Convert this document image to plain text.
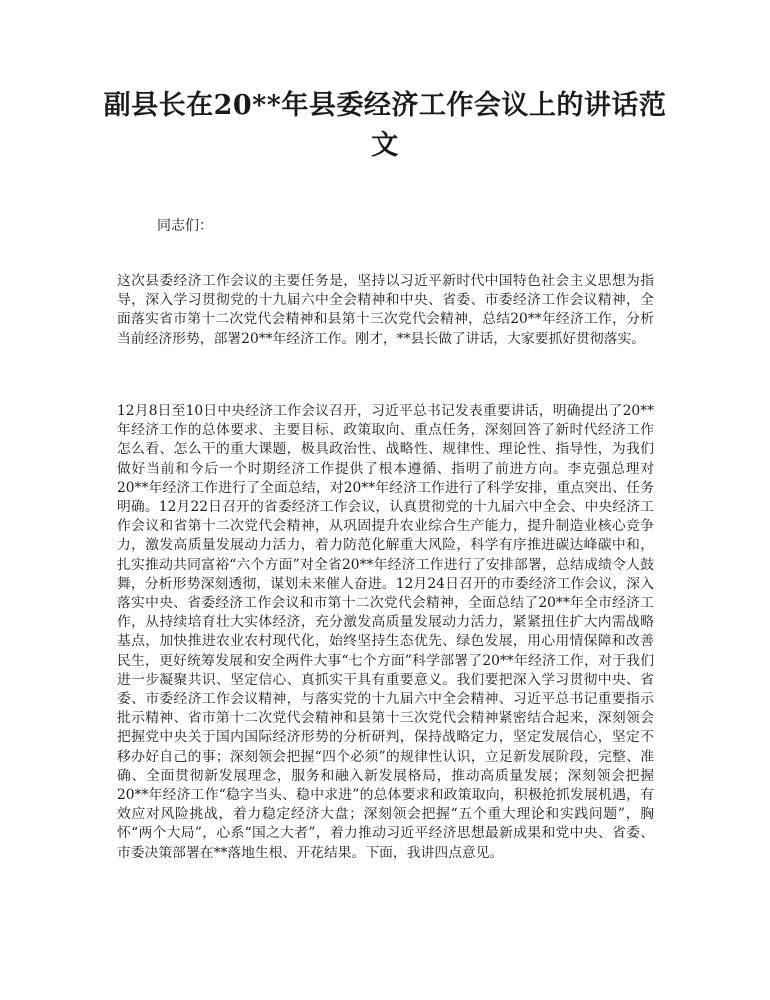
副县长在20**年县委经济工作会议上的讲话范文

同志们：

这次县委经济工作会议的主要任务是，坚持以习近平新时代中国特色社会主义思想为指导，深入学习贯彻党的十九届六中全会精神和中央、省委、市委经济工作会议精神，全面落实省市第十二次党代会精神和县第十三次党代会精神，总结20**年经济工作，分析当前经济形势，部署20**年经济工作。刚才，**县长做了讲话，大家要抓好贯彻落实。

12月8日至10日中央经济工作会议召开，习近平总书记发表重要讲话，明确提出了20**年经济工作的总体要求、主要目标、政策取向、重点任务，深刻回答了新时代经济工作怎么看、怎么干的重大课题，极具政治性、战略性、规律性、理论性、指导性，为我们做好当前和今后一个时期经济工作提供了根本遵循、指明了前进方向。李克强总理对20**年经济工作进行了全面总结，对20**年经济工作进行了科学安排，重点突出、任务明确。12月22日召开的省委经济工作会议，认真贯彻党的十九届六中全会、中央经济工作会议和省第十二次党代会精神，从巩固提升农业综合生产能力，提升制造业核心竞争力，激发高质量发展动力活力，着力防范化解重大风险，科学有序推进碳达峰碳中和，扎实推动共同富裕“六个方面”对全省20**年经济工作进行了安排部署，总结成绩令人鼓舞，分析形势深刻透彻，谋划未来催人奋进。12月24日召开的市委经济工作会议，深入落实中央、省委经济工作会议和市第十二次党代会精神，全面总结了20**年全市经济工作，从持续培育壮大实体经济，充分激发高质量发展动力活力，紧紧扭住扩大内需战略基点，加快推进农业农村现代化，始终坚持生态优先、绿色发展，用心用情保障和改善民生，更好统筹发展和安全两件大事“七个方面”科学部署了20**年经济工作，对于我们进一步凝聚共识、坚定信心、真抓实干具有重要意义。我们要把深入学习贯彻中央、省委、市委经济工作会议精神，与落实党的十九届六中全会精神、习近平总书记重要指示批示精神、省市第十二次党代会精神和县第十三次党代会精神紧密结合起来，深刻领会把握党中央关于国内国际经济形势的分析研判，保持战略定力，坚定发展信心，坚定不移办好自己的事；深刻领会把握“四个必须”的规律性认识，立足新发展阶段，完整、准确、全面贯彻新发展理念，服务和融入新发展格局，推动高质量发展；深刻领会把握20**年经济工作“稳字当头、稳中求进”的总体要求和政策取向，积极抢抓发展机遇，有效应对风险挑战，着力稳定经济大盘；深刻领会把握“五个重大理论和实践问题”，胸怀“两个大局”，心系“国之大者”，着力推动习近平经济思想最新成果和党中央、省委、市委决策部署在**落地生根、开花结果。下面，我讲四点意见。
